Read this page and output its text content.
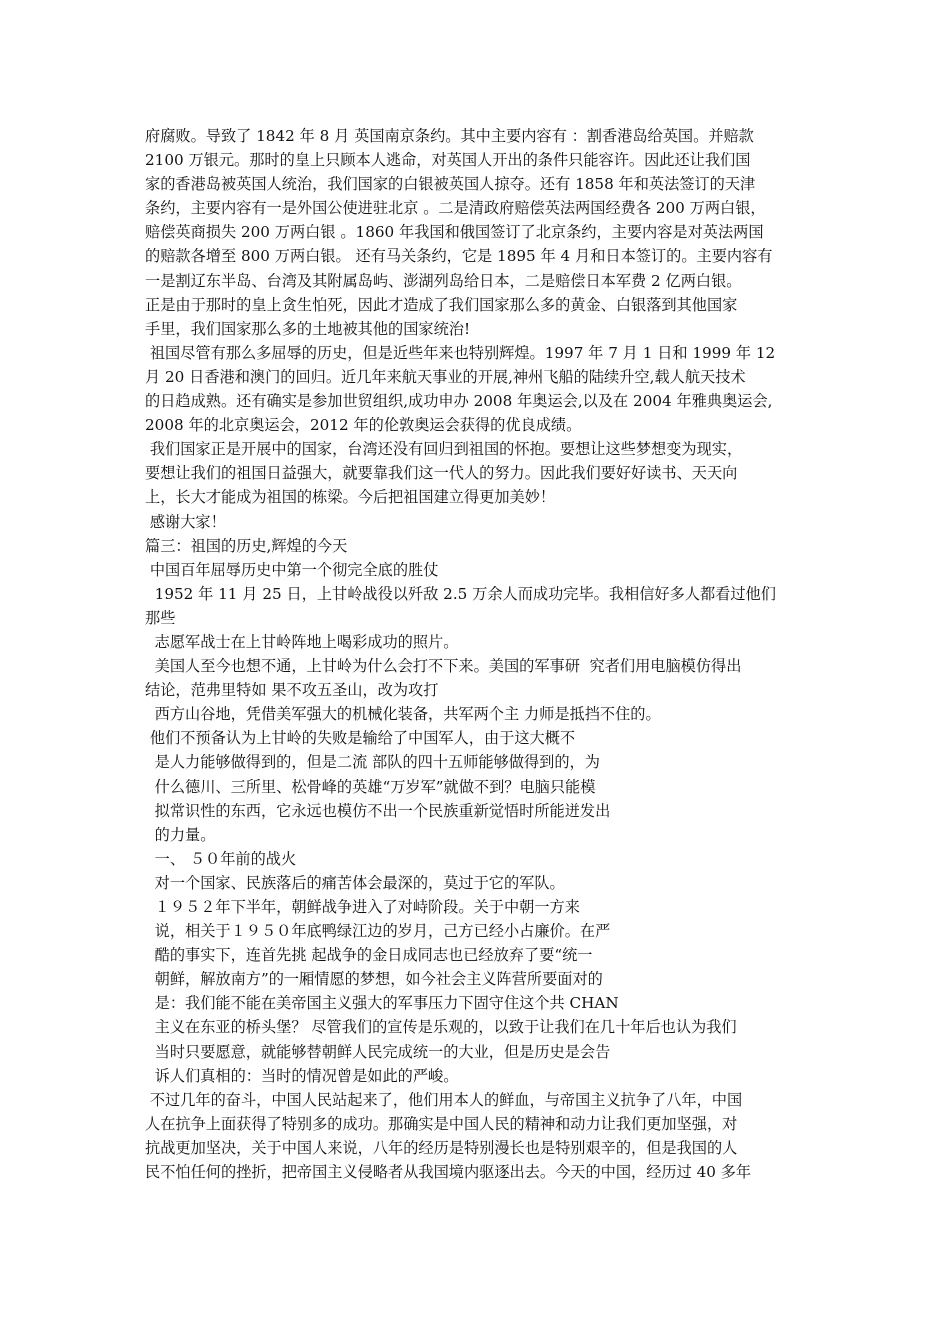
府腐败。导致了 1842 年 8 月 英国南京条约。其中主要内容有 ：割香港岛给英国。并赔款
2100 万银元。那时的皇上只顾本人逃命，对英国人开出的条件只能容许。因此还让我们国
家的香港岛被英国人统治，我们国家的白银被英国人掠夺。还有 1858 年和英法签订的天津
条约，主要内容有一是外国公使进驻北京 。二是清政府赔偿英法两国经费各 200 万两白银，
赔偿英商损失 200 万两白银 。1860 年我国和俄国签订了北京条约，主要内容是对英法两国
的赔款各增至 800 万两白银。 还有马关条约，它是 1895 年 4 月和日本签订的。主要内容有
一是割辽东半岛、台湾及其附属岛屿、澎湖列岛给日本，二是赔偿日本军费 2 亿两白银。
正是由于那时的皇上贪生怕死，因此才造成了我们国家那么多的黄金、白银落到其他国家
手里，我们国家那么多的土地被其他的国家统治!
祖国尽管有那么多屈辱的历史，但是近些年来也特别辉煌。1997 年 7 月 1 日和 1999 年 12
月 20 日香港和澳门的回归。近几年来航天事业的开展,神州飞船的陆续升空,载人航天技术
的日趋成熟。还有确实是参加世贸组织,成功申办 2008 年奥运会,以及在 2004 年雅典奥运会,
2008 年的北京奥运会，2012 年的伦敦奥运会获得的优良成绩。
我们国家正是开展中的国家，台湾还没有回归到祖国的怀抱。要想让这些梦想变为现实，
要想让我们的祖国日益强大，就要靠我们这一代人的努力。因此我们要好好读书、天天向
上，长大才能成为祖国的栋梁。今后把祖国建立得更加美妙！
感谢大家！
篇三：祖国的历史,辉煌的今天
中国百年屈辱历史中第一个彻完全底的胜仗
1952 年 11 月 25 日，上甘岭战役以歼敌 2.5 万余人而成功完毕。我相信好多人都看过他们
那些
志愿军战士在上甘岭阵地上喝彩成功的照片。
美国人至今也想不通，上甘岭为什么会打不下来。美国的军事研  究者们用电脑模仿得出
结论，范弗里特如 果不攻五圣山，改为攻打
西方山谷地，凭借美军强大的机械化装备，共军两个主 力师是抵挡不住的。
他们不预备认为上甘岭的失败是输给了中国军人，由于这大概不
是人力能够做得到的，但是二流 部队的四十五师能够做得到的，为
什么德川、三所里、松骨峰的英雄“万岁军”就做不到？电脑只能模
拟常识性的东西，它永远也模仿不出一个民族重新觉悟时所能迸发出
的力量。
一、 ５０年前的战火
对一个国家、民族落后的痛苦体会最深的，莫过于它的军队。
１９５２年下半年，朝鲜战争进入了对峙阶段。关于中朝一方来
说，相关于１９５０年底鸭绿江边的岁月，己方已经小占廉价。在严
酷的事实下，连首先挑 起战争的金日成同志也已经放弃了要“统一
朝鲜，解放南方”的一厢情愿的梦想，如今社会主义阵营所要面对的
是：我们能不能在美帝国主义强大的军事压力下固守住这个共 CHAN
主义在东亚的桥头堡？ 尽管我们的宣传是乐观的，以致于让我们在几十年后也认为我们
当时只要愿意，就能够替朝鲜人民完成统一的大业，但是历史是会告
诉人们真相的：当时的情况曾是如此的严峻。
不过几年的奋斗，中国人民站起来了，他们用本人的鲜血，与帝国主义抗争了八年，中国
人在抗争上面获得了特别多的成功。那确实是中国人民的精神和动力让我们更加坚强，对
抗战更加坚决，关于中国人来说，八年的经历是特别漫长也是特别艰辛的，但是我国的人
民不怕任何的挫折，把帝国主义侵略者从我国境内驱逐出去。今天的中国，经历过 40 多年
